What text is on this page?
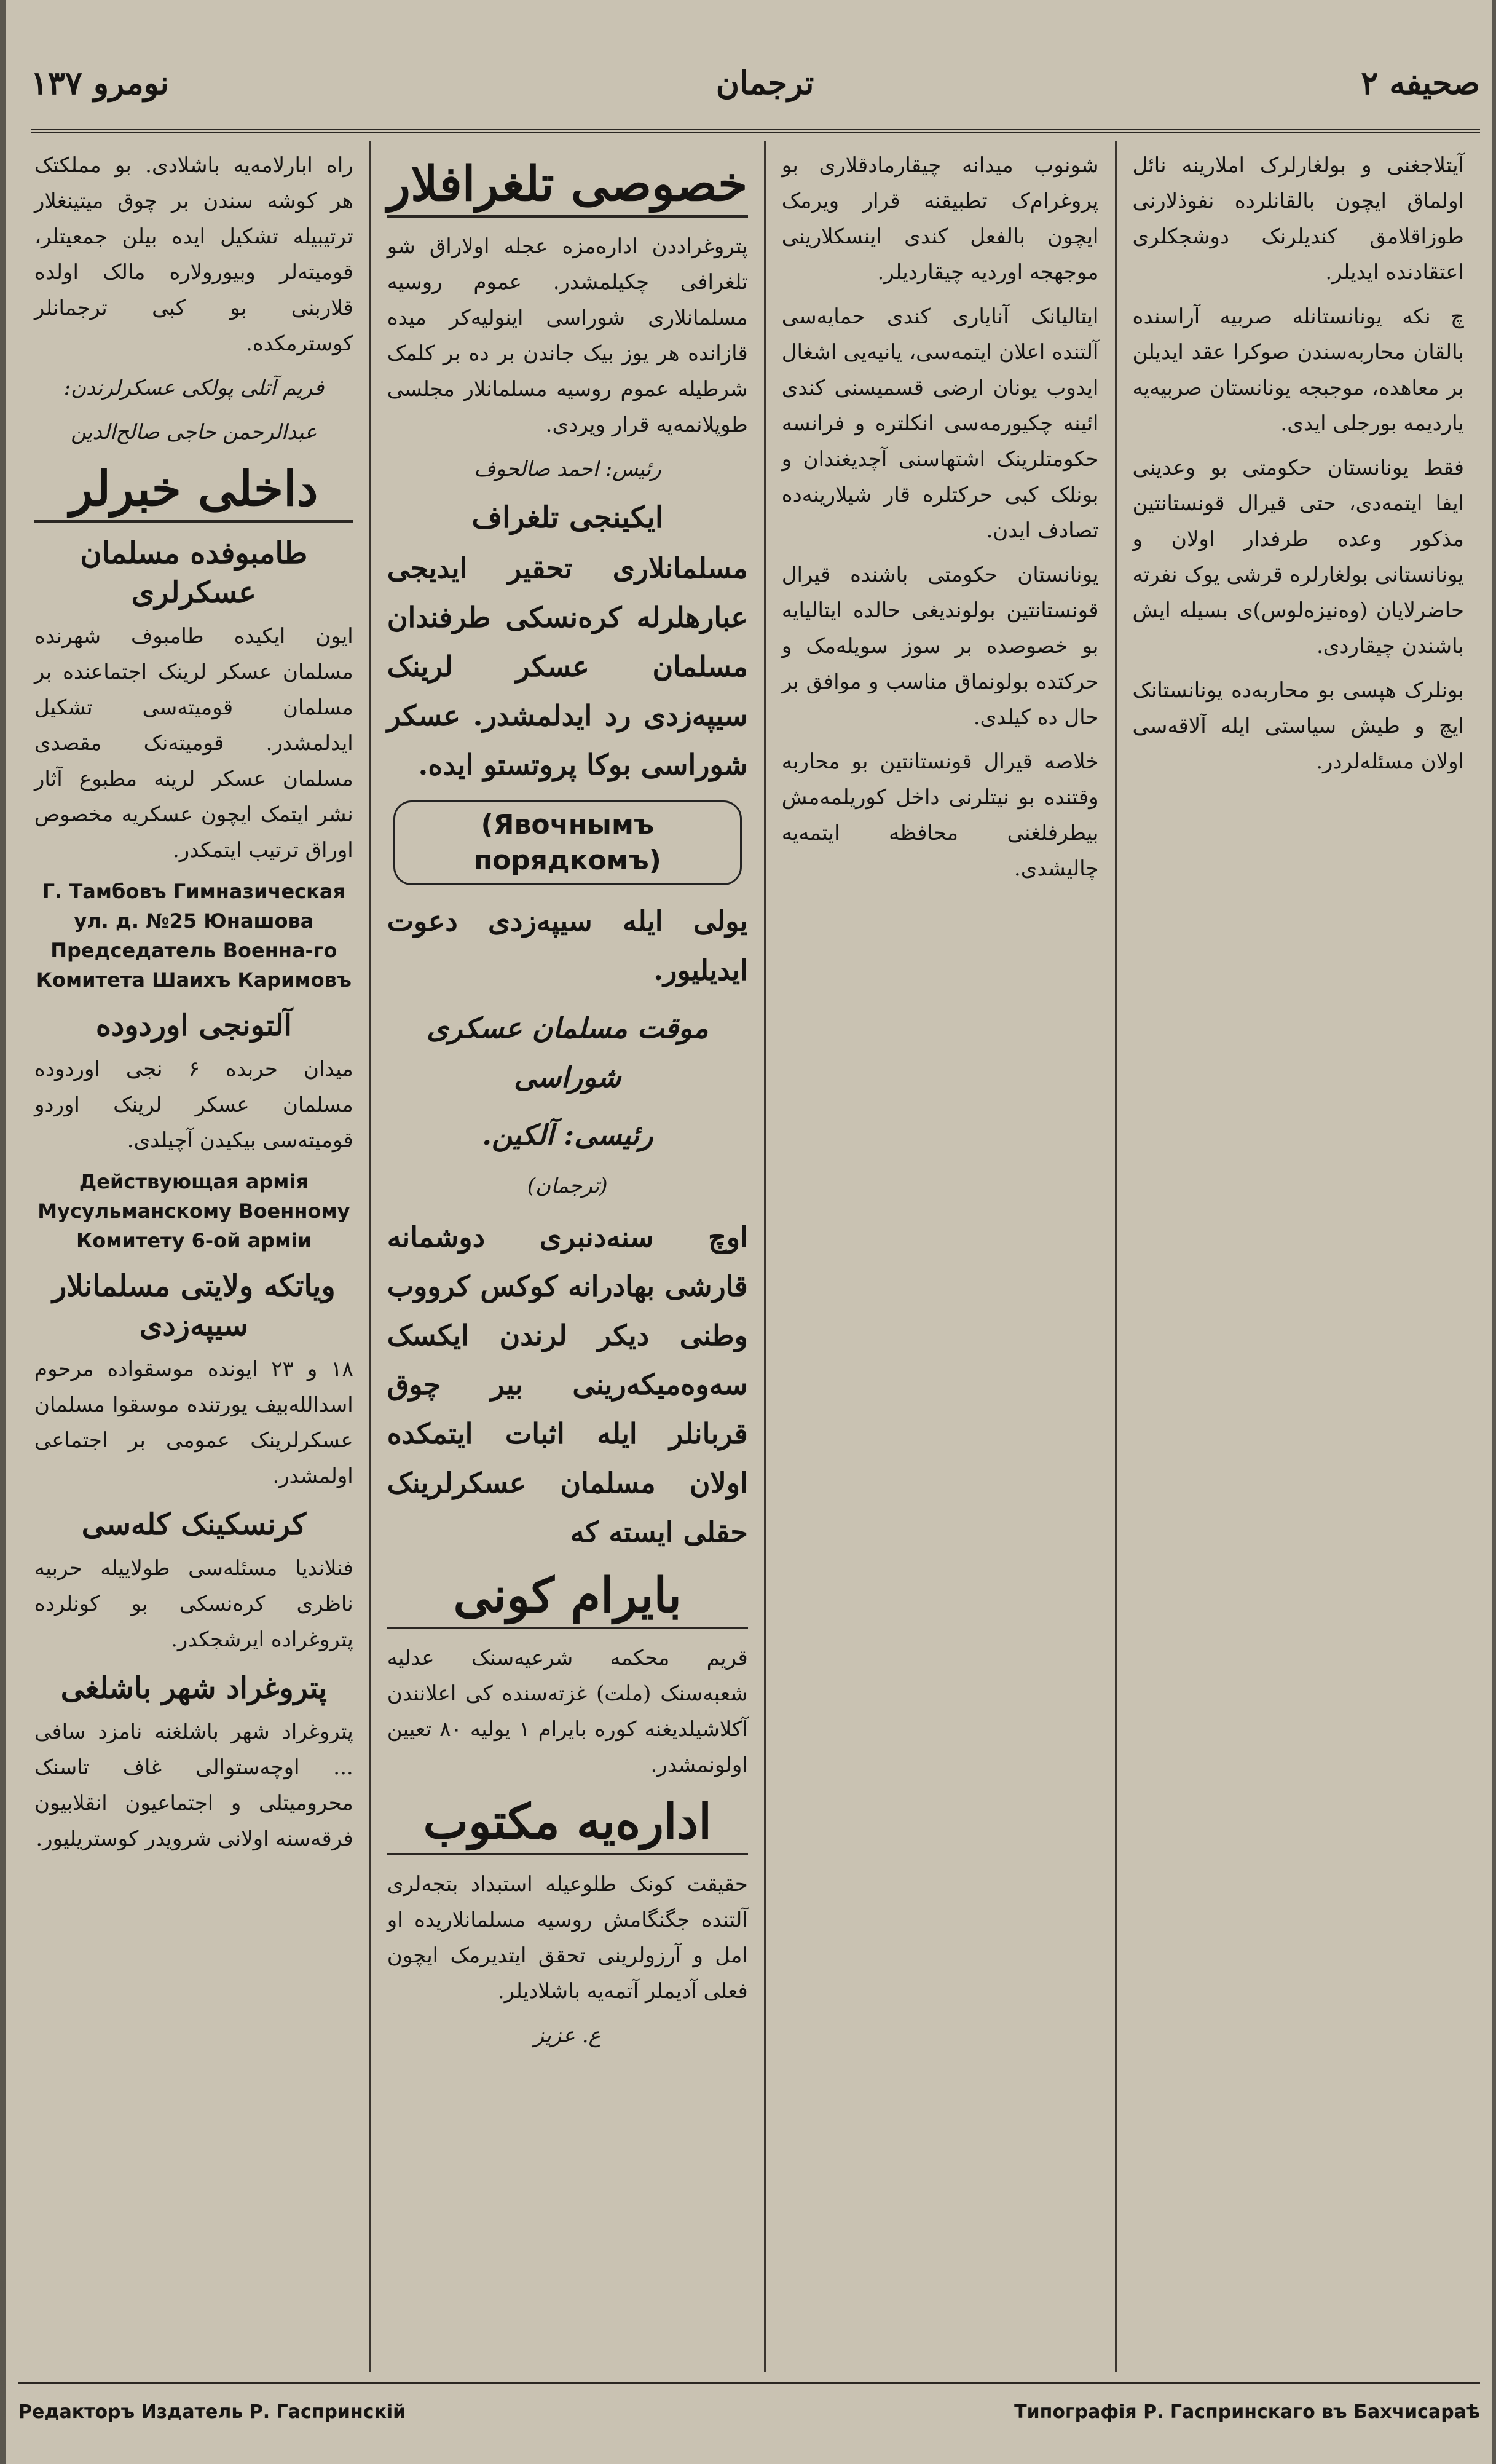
نومرو ۱۳۷	ترجمان	صحیفه ۲

آیتلاجغنی و بولغارلرک املارینه نائل اولماق ایچون بالقانلرده نفوذلارنی طوزاقلامق کندیلرنک دوشجکلری اعتقادنده ایدیلر.

چ نکه یونانستانله صربیه آراسنده بالقان محاربه‌سندن صوکرا عقد ایدیلن بر معاهده، موجبجه یونانستان صربیه‌یه یاردیمه بورجلی ایدی.

فقط یونانستان حکومتی بو وعدینی ایفا ایتمه‌دی، حتی قیرال قونستانتین مذکور وعده طرفدار اولان و یونانستانی بولغارلره قرشی یوک نفرته حاضرلایان (وه‌نیزه‌لوس)ی بسیله ایش باشندن چیقاردی.

بونلرک هپسی بو محاربه‌ده یونانستانک ایچ و طیش سیاستی ایله آلاقه‌سی اولان مسئله‌لردر.

شونوب میدانه چیقارمادقلاری بو پروغرام‌ک تطبیقنه قرار ویرمک ایچون بالفعل کندی اینسکلارینی موجهجه اوردیه چیقاردیلر.

ایتالیانک آنایاری کندی حمایه‌سی آلتنده اعلان ایتمه‌سی، یانیه‌یی اشغال ایدوب یونان ارضی قسمیسنی کندی ائینه چکیورمه‌سی انکلتره و فرانسه حکومتلرینک اشتهاسنی آچدیغندان و بونلک کبی حرکتلره قار شیلارینه‌ده تصادف ایدن.

یونانستان حکومتی باشنده قیرال قونستانتین بولوندیغی حالده ایتالیایه بو خصوصده بر سوز سویله‌مک و حرکتده بولونماق مناسب و موافق بر حال ده کیلدی.

خلاصه قیرال قونستانتین بو محاربه وقتنده بو نیتلرنی داخل کوریلمه‌مش بیطرفلغنی محافظه ایتمه‌یه چالیشدی.

خصوصی تلغرافلار

پتروغراددن اداره‌مزه عجله اولاراق شو تلغرافی چکیلمشدر. عموم روسیه مسلمانلاری شوراسی اینولیه‌کر میده قازانده هر یوز بیک جاندن بر ده بر کلمک شرطیله عموم روسیه مسلمانلار مجلسی طوپلانمه‌یه قرار ویردی.

رئیس: احمد صالحوف

ایکینجی تلغراف

مسلمانلاری تحقیر ایدیجی عبارهلرله کره‌نسکی طرفندان مسلمان عسکر لرینک سیپه‌زدی رد ایدلمشدر. عسکر شوراسی بوکا پروتستو ایده.

(Явочнымъ порядкомъ)

یولی ایله سیپه‌زدی دعوت ایدیلیور.

موقت مسلمان عسکری شوراسی

رئیسی: آلکین.

(ترجمان)

اوچ سنه‌دنبری دوشمانه قارشی بهادرانه کوکس کرووب وطنی دیکر لرندن ایکسک سه‌وه‌میکه‌رینی بیر چوق قربانلر ایله اثبات ایتمکده اولان مسلمان عسکرلرینک حقلی ایسته که

بایرام کونی

قریم محکمه شرعیه‌سنک عدلیه شعبه‌سنک (ملت) غزته‌سنده کی اعلانندن آکلاشیلدیغنه کوره بایرام ۱ یولیه ۸۰ تعیین اولونمشدر.

اداره‌یه مکتوب

حقیقت کونک طلوعیله استبداد بتجه‌لری آلتنده جگنگامش روسیه مسلمانلاریده او امل و آرزولرینی تحقق ایتدیرمک ایچون فعلی آدیملر آتمه‌یه باشلادیلر.

ع. عزیز

راه ابارلامه‌یه باشلادی. بو مملکتک هر کوشه سندن بر چوق میتینغلار ترتیبیله تشکیل ایده بیلن جمعیتلر، قومیته‌لر وبیورولاره مالک اولده قلاربنی بو کبی ترجمانلر کوسترمکده.

فریم آتلی پولکی عسکرلرندن:

عبدالرحمن حاجی صالح‌الدین

داخلی خبرلر
طامبوفده مسلمان عسکرلری

ایون ایکیده طامبوف شهرنده مسلمان عسکر لرینک اجتماعنده بر مسلمان قومیته‌سی تشکیل ایدلمشدر. قومیته‌نک مقصدی مسلمان عسکر لرینه مطبوع آثار نشر ایتمک ایچون عسکریه مخصوص اوراق ترتیب ایتمکدر.

Г. Тамбовъ Гимназическая ул. д. №25 Юнашова Председатель Военна-го Комитета Шаихъ Каримовъ
آلتونجی اوردوده

میدان حربده ۶ نجی اوردوده مسلمان عسکر لرینک اوردو قومیته‌سی بیکیدن آچیلدی.

Действующая армія Мусульманскому Военному Комитету 6-ой арміи
ویاتکه ولایتی مسلمانلار سیپه‌زدی

۱۸ و ۲۳ ایونده موسقواده مرحوم اسدالله‌بیف یورتنده موسقوا مسلمان عسکرلرینک عمومی بر اجتماعی اولمشدر.

کرنسکینک کله‌سی

فنلاندیا مسئله‌سی طولاییله حربیه ناظری کره‌نسکی بو کونلرده پتروغراده ایرشجکدر.

پتروغراد شهر باشلغی

پتروغراد شهر باشلغنه نامزد سافی ... اوچه‌ستوالی غاف تاسنک محرومیتلی و اجتماعیون انقلابیون فرقه‌سنه اولانی شرویدر کوستریلیور.

Редакторъ Издатель Р. Гаспринскій	Типографія Р. Гаспринскаго въ Бахчисараѣ
